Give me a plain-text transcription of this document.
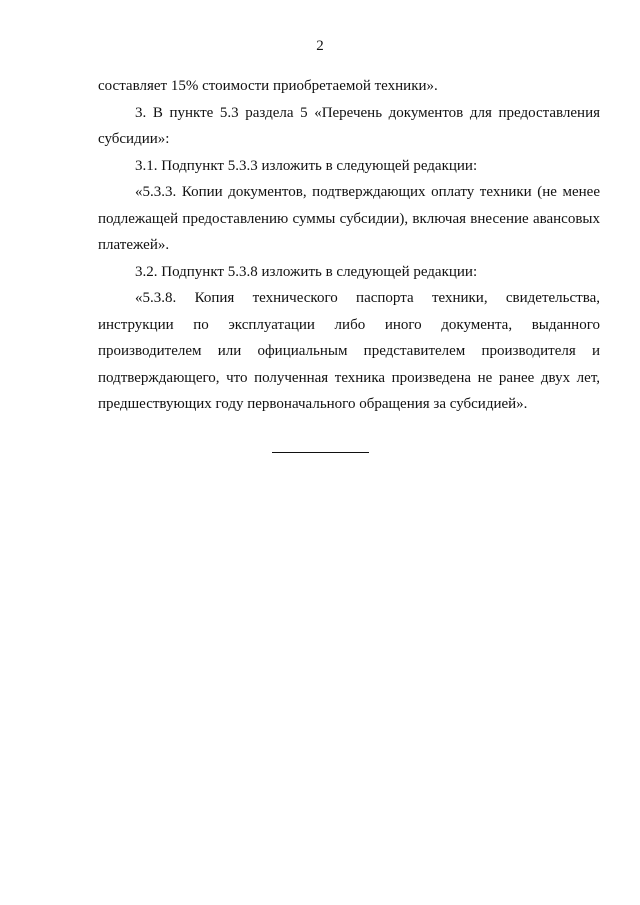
2

составляет 15% стоимости приобретаемой техники».

3. В пункте 5.3 раздела 5 «Перечень документов для предоставления субсидии»:

3.1. Подпункт 5.3.3 изложить в следующей редакции:

«5.3.3. Копии документов, подтверждающих оплату техники (не менее подлежащей предоставлению суммы субсидии), включая внесение авансовых платежей».

3.2. Подпункт 5.3.8 изложить в следующей редакции:

«5.3.8. Копия технического паспорта техники, свидетельства, инструкции по эксплуатации либо иного документа, выданного производителем или официальным представителем производителя и подтверждающего, что полученная техника произведена не ранее двух лет, предшествующих году первоначального обращения за субсидией».
